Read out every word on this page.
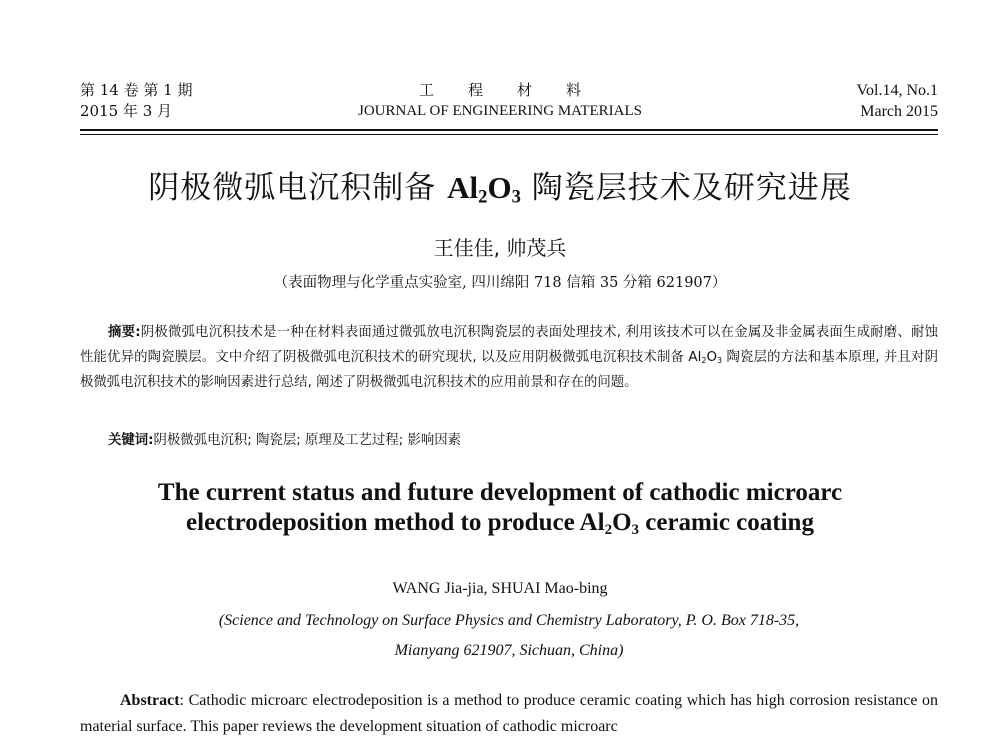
第 14 卷 第 1 期
2015 年 3 月
工程材料
JOURNAL OF ENGINEERING MATERIALS
Vol.14, No.1
March 2015
阴极微弧电沉积制备 $Al_2O_3$ 陶瓷层技术及研究进展
王佳佳, 帅茂兵
（表面物理与化学重点实验室, 四川绵阳 718 信箱 35 分箱 621907）
摘要:阴极微弧电沉积技术是一种在材料表面通过微弧放电沉积陶瓷层的表面处理技术, 利用该技术可以在金属及非金属表面生成耐磨、耐蚀性能优异的陶瓷膜层。文中介绍了阴极微弧电沉积技术的研究现状, 以及应用阴极微弧电沉积技术制备 $Al_2O_3$ 陶瓷层的方法和基本原理, 并且对阴极微弧电沉积技术的影响因素进行总结, 阐述了阴极微弧电沉积技术的应用前景和存在的问题。
关键词:阴极微弧电沉积; 陶瓷层; 原理及工艺过程; 影响因素
The current status and future development of cathodic microarc
electrodeposition method to produce $Al_2O_3$ ceramic coating
WANG Jia-jia, SHUAI Mao-bing
(Science and Technology on Surface Physics and Chemistry Laboratory, P. O. Box 718-35,
Mianyang 621907, Sichuan, China)
Abstract: Cathodic microarc electrodeposition is a method to produce ceramic coating which has high corrosion resistance on material surface. This paper reviews the development situation of cathodic microarc
